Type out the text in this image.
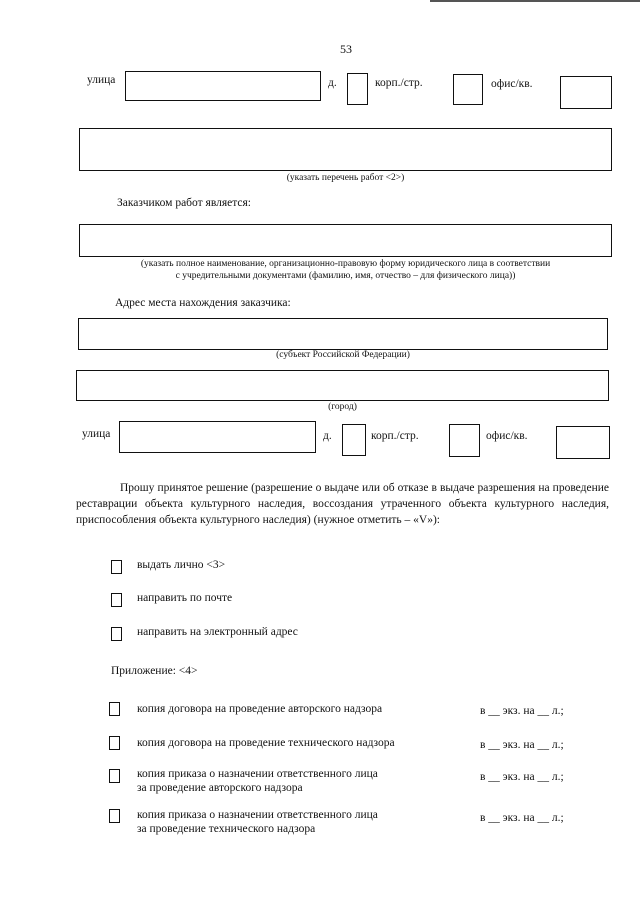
53
улица	д.	корп./стр.	офис/кв.
(указать перечень работ <2>)
Заказчиком работ является:
(указать полное наименование, организационно-правовую форму юридического лица в соответствии
с учредительными документами (фамилию, имя, отчество – для физического лица))
Адрес места нахождения заказчика:
(субъект Российской Федерации)
(город)
улица	д.	корп./стр.	офис/кв.

Прошу принятое решение (разрешение о выдаче или об отказе в выдаче разрешения на проведение реставрации объекта культурного наследия, воссоздания утраченного объекта культурного наследия, приспособления объекта культурного наследия) (нужное отметить – «V»):

выдать лично <3>
направить по почте
направить на электронный адрес
Приложение: <4>
копия договора на проведение авторского надзора	в __ экз. на __ л.;
копия договора на проведение технического надзора	в __ экз. на __ л.;
копия приказа о назначении ответственного лица
за проведение авторского надзора
в __ экз. на __ л.;
копия приказа о назначении ответственного лица
за проведение технического надзора
в __ экз. на __ л.;
